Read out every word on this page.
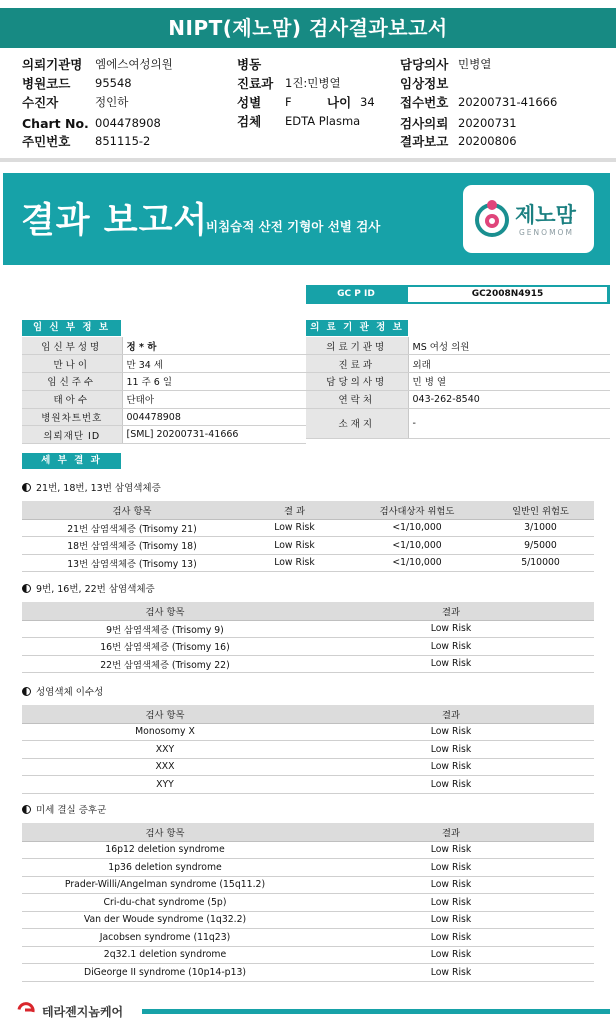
NIPT(제노맘) 검사결과보고서
의뢰기관명 엠에스여성의원
병원코드 95548
수진자	정인하
Chart No. 004478908
주민번호 851115-2
병동
진료과 1진:민병열
성별 F	나이 34
검체 EDTA Plasma
담당의사 민병열
임상정보
접수번호 20200731-41666
검사의뢰 20200731
결과보고 20200806
결과 보고서
비침습적 산전 기형아 선별 검사	제노맘
GENOMOM
GC P ID	GC2008N4915
임 신 부 정 보
임신부성명	정 * 하
만나이	만 34 세
임신주수	11 주 6 일
태아수	단태아
병원차트번호	004478908
의뢰재단 ID	[SML] 20200731-41666
의 료 기 관 정 보
의료기관명	MS 여성 의원
진료과	외래
담당의사명	민 병 열
연락처	043-262-8540
소재지	-
세 부 결 과
21번, 18번, 13번 삼염색체증
검사 항목	결 과	검사대상자 위험도	일반인 위험도
21번 삼염색체증 (Trisomy 21)	Low Risk	<1/10,000	3/1000
18번 삼염색체증 (Trisomy 18)	Low Risk	<1/10,000	9/5000
13번 삼염색체증 (Trisomy 13)	Low Risk	<1/10,000	5/10000
9번, 16번, 22번 삼염색체증
검사 항목	결과
9번 삼염색체증 (Trisomy 9)	Low Risk
16번 삼염색체증 (Trisomy 16)	Low Risk
22번 삼염색체증 (Trisomy 22)	Low Risk
성염색체 이수성
검사 항목	결과
Monosomy X	Low Risk
XXY	Low Risk
XXX	Low Risk
XYY	Low Risk
미세 결실 증후군
검사 항목	결과
16p12 deletion syndrome	Low Risk
1p36 deletion syndrome	Low Risk
Prader-Willi/Angelman syndrome (15q11.2)	Low Risk
Cri-du-chat syndrome (5p)	Low Risk
Van der Woude syndrome (1q32.2)	Low Risk
Jacobsen syndrome (11q23)	Low Risk
2q32.1 deletion syndrome	Low Risk
DiGeorge II syndrome (10p14-p13)	Low Risk
테라젠지놈케어
